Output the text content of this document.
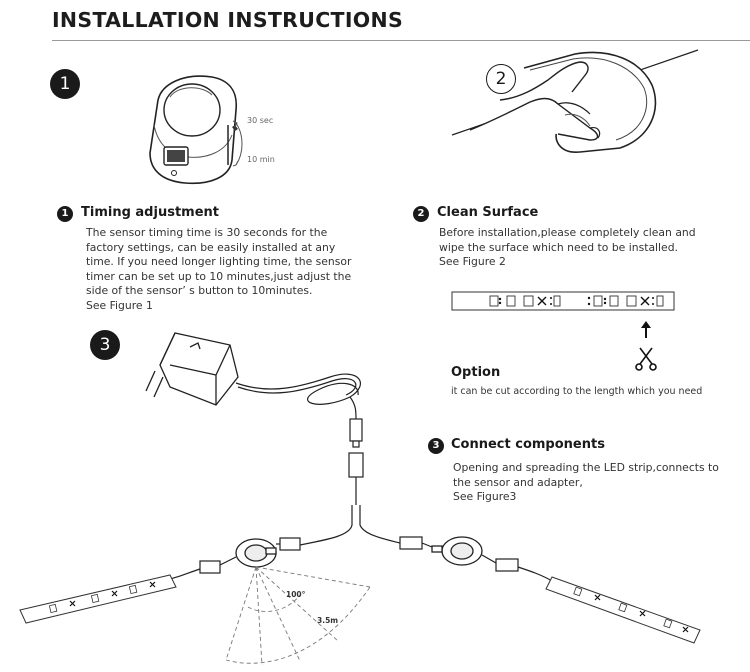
INSTALLATION INSTRUCTIONS
1
30 sec
10 min
2
1 Timing adjustment
The sensor timing time is 30 seconds for the
factory settings, can be easily installed at any
time. If you need longer lighting time, the sensor
timer can be set up to 10 minutes,just adjust the
side of the sensor’ s button to 10minutes.
See Figure 1
2 Clean Surface
Before installation,please completely clean and
wipe the surface which need to be installed.
See Figure 2
Option
it can be cut according to the length which you need
3 Connect components
Opening and spreading the LED strip,connects to
the sensor and adapter,
See Figure3
3
100°
3.5m
